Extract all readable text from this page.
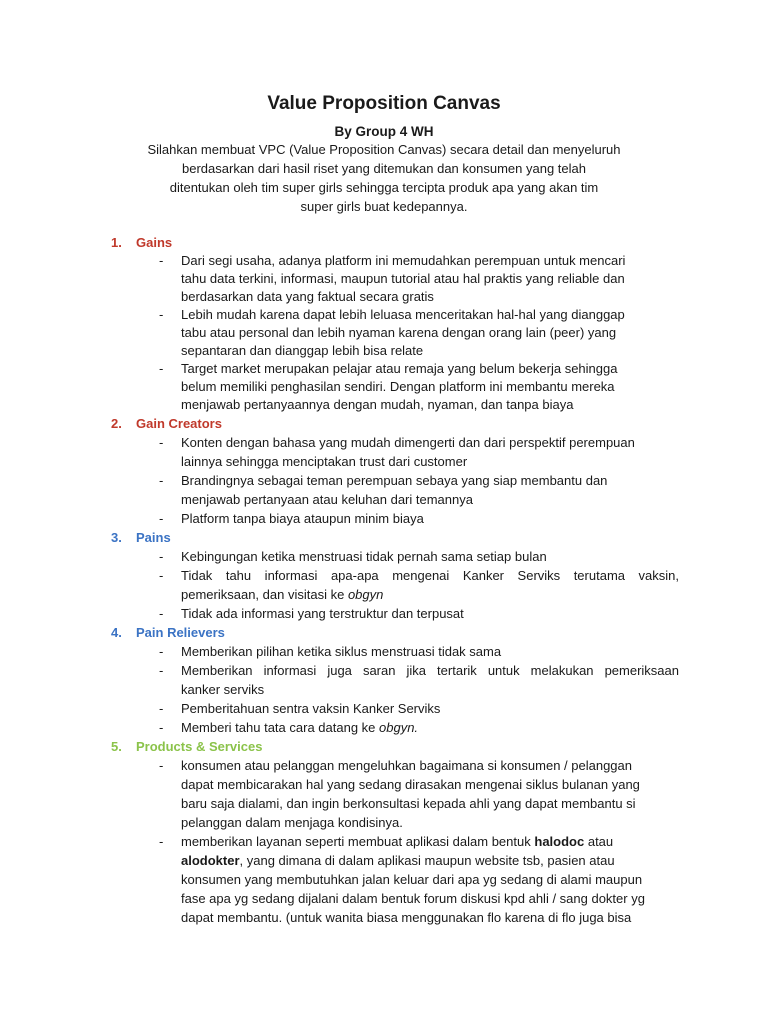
Value Proposition Canvas
By Group 4 WH
Silahkan membuat VPC (Value Proposition Canvas) secara detail dan menyeluruh
berdasarkan dari hasil riset yang ditemukan dan konsumen yang telah
ditentukan oleh tim super girls sehingga tercipta produk apa yang akan tim
super girls buat kedepannya.
1. Gains
- Dari segi usaha, adanya platform ini memudahkan perempuan untuk mencari
tahu data terkini, informasi, maupun tutorial atau hal praktis yang reliable dan
berdasarkan data yang faktual secara gratis
- Lebih mudah karena dapat lebih leluasa menceritakan hal-hal yang dianggap
tabu atau personal dan lebih nyaman karena dengan orang lain (peer) yang
sepantaran dan dianggap lebih bisa relate
- Target market merupakan pelajar atau remaja yang belum bekerja sehingga
belum memiliki penghasilan sendiri. Dengan platform ini membantu mereka
menjawab pertanyaannya dengan mudah, nyaman, dan tanpa biaya
2. Gain Creators
- Konten dengan bahasa yang mudah dimengerti dan dari perspektif perempuan
lainnya sehingga menciptakan trust dari customer
- Brandingnya sebagai teman perempuan sebaya yang siap membantu dan
menjawab pertanyaan atau keluhan dari temannya
- Platform tanpa biaya ataupun minim biaya
3. Pains
- Kebingungan ketika menstruasi tidak pernah sama setiap bulan
- Tidak tahu informasi apa-apa mengenai Kanker Serviks terutama vaksin,
pemeriksaan, dan visitasi ke obgyn
- Tidak ada informasi yang terstruktur dan terpusat
4. Pain Relievers
- Memberikan pilihan ketika siklus menstruasi tidak sama
- Memberikan informasi juga saran jika tertarik untuk melakukan pemeriksaan
kanker serviks
- Pemberitahuan sentra vaksin Kanker Serviks
- Memberi tahu tata cara datang ke obgyn.
5. Products & Services
- konsumen atau pelanggan mengeluhkan bagaimana si konsumen / pelanggan
dapat membicarakan hal yang sedang dirasakan mengenai siklus bulanan yang
baru saja dialami, dan ingin berkonsultasi kepada ahli yang dapat membantu si
pelanggan dalam menjaga kondisinya.
- memberikan layanan seperti membuat aplikasi dalam bentuk halodoc atau
alodokter, yang dimana di dalam aplikasi maupun website tsb, pasien atau
konsumen yang membutuhkan jalan keluar dari apa yg sedang di alami maupun
fase apa yg sedang dijalani dalam bentuk forum diskusi kpd ahli / sang dokter yg
dapat membantu. (untuk wanita biasa menggunakan flo karena di flo juga bisa
